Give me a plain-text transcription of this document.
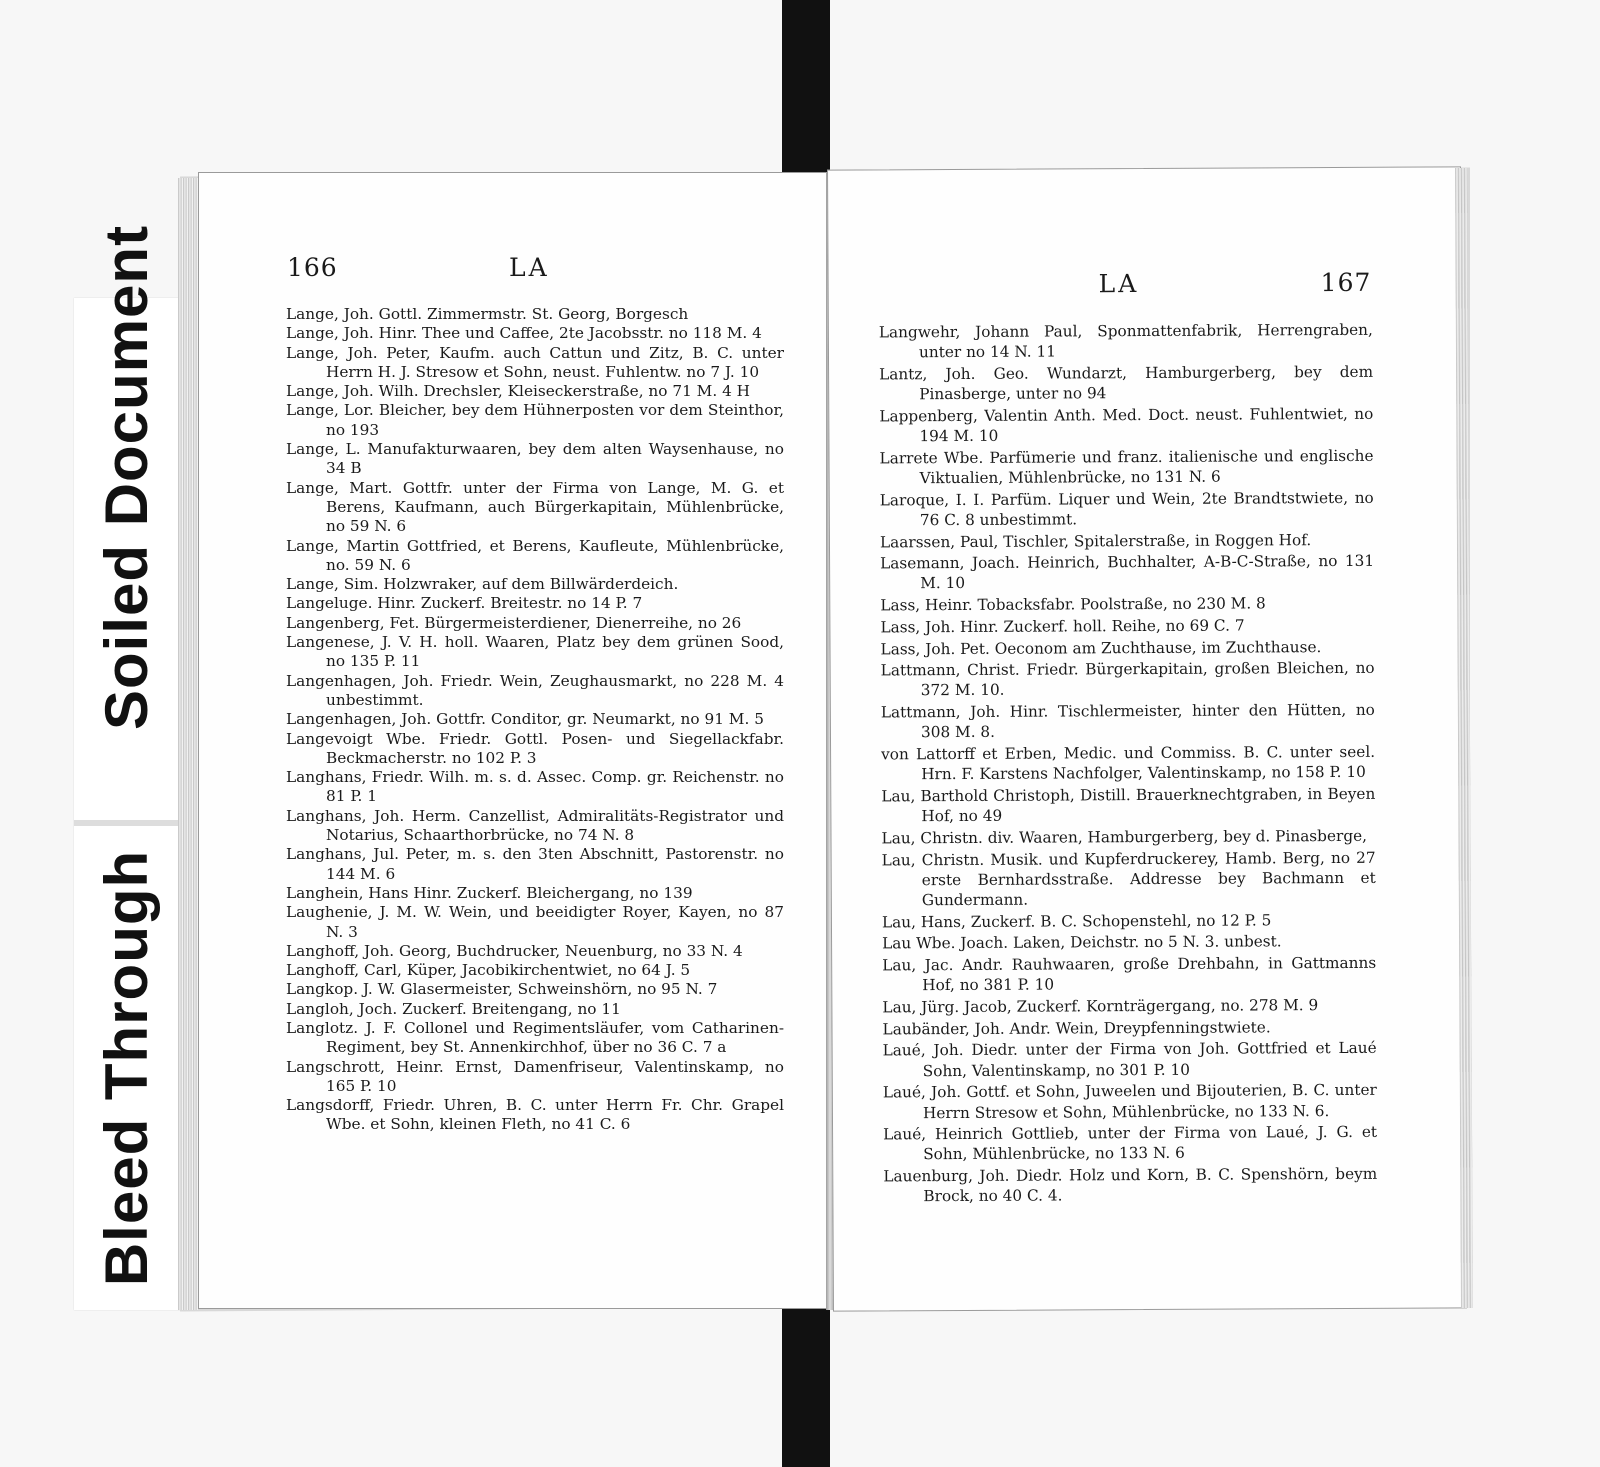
Soiled Document
Bleed Through
166	LA
Lange, Joh. Gottl. Zimmermstr. St. Georg, Borgesch
Lange, Joh. Hinr. Thee und Caffee, 2te Jacobsstr. no 118 M. 4
Lange, Joh. Peter, Kaufm. auch Cattun und Zitz, B. C. unter Herrn H. J. Stresow et Sohn, neust. Fuhlentw. no 7 J. 10
Lange, Joh. Wilh. Drechsler, Kleiseckerstraße, no 71 M. 4 H
Lange, Lor. Bleicher, bey dem Hühnerposten vor dem Steinthor, no 193
Lange, L. Manufakturwaaren, bey dem alten Waysenhause, no 34 B
Lange, Mart. Gottfr. unter der Firma von Lange, M. G. et Berens, Kaufmann, auch Bürgerkapitain, Mühlenbrücke, no 59 N. 6
Lange, Martin Gottfried, et Berens, Kaufleute, Mühlenbrücke, no. 59 N. 6
Lange, Sim. Holzwraker, auf dem Billwärderdeich.
Langeluge. Hinr. Zuckerf. Breitestr. no 14 P. 7
Langenberg, Fet. Bürgermeisterdiener, Dienerreihe, no 26
Langenese, J. V. H. holl. Waaren, Platz bey dem grünen Sood, no 135 P. 11
Langenhagen, Joh. Friedr. Wein, Zeughausmarkt, no 228 M. 4 unbestimmt.
Langenhagen, Joh. Gottfr. Conditor, gr. Neumarkt, no 91 M. 5
Langevoigt Wbe. Friedr. Gottl. Posen- und Siegellackfabr. Beckmacherstr. no 102 P. 3
Langhans, Friedr. Wilh. m. s. d. Assec. Comp. gr. Reichenstr. no 81 P. 1
Langhans, Joh. Herm. Canzellist, Admiralitäts-Registrator und Notarius, Schaarthorbrücke, no 74 N. 8
Langhans, Jul. Peter, m. s. den 3ten Abschnitt, Pastorenstr. no 144 M. 6
Langhein, Hans Hinr. Zuckerf. Bleichergang, no 139
Laughenie, J. M. W. Wein, und beeidigter Royer, Kayen, no 87 N. 3
Langhoff, Joh. Georg, Buchdrucker, Neuenburg, no 33 N. 4
Langhoff, Carl, Küper, Jacobikirchentwiet, no 64 J. 5
Langkop. J. W. Glasermeister, Schweinshörn, no 95 N. 7
Langloh, Joch. Zuckerf. Breitengang, no 11
Langlotz. J. F. Collonel und Regimentsläufer, vom Catharinen-Regiment, bey St. Annenkirchhof, über no 36 C. 7 a
Langschrott, Heinr. Ernst, Damenfriseur, Valentinskamp, no 165 P. 10
Langsdorff, Friedr. Uhren, B. C. unter Herrn Fr. Chr. Grapel Wbe. et Sohn, kleinen Fleth, no 41 C. 6
LA	167
Langwehr, Johann Paul, Sponmattenfabrik, Herrengraben, unter no 14 N. 11
Lantz, Joh. Geo. Wundarzt, Hamburgerberg, bey dem Pinasberge, unter no 94
Lappenberg, Valentin Anth. Med. Doct. neust. Fuhlentwiet, no 194 M. 10
Larrete Wbe. Parfümerie und franz. italienische und englische Viktualien, Mühlenbrücke, no 131 N. 6
Laroque, I. I. Parfüm. Liquer und Wein, 2te Brandtstwiete, no 76 C. 8 unbestimmt.
Laarssen, Paul, Tischler, Spitalerstraße, in Roggen Hof.
Lasemann, Joach. Heinrich, Buchhalter, A-B-C-Straße, no 131 M. 10
Lass, Heinr. Tobacksfabr. Poolstraße, no 230 M. 8
Lass, Joh. Hinr. Zuckerf. holl. Reihe, no 69 C. 7
Lass, Joh. Pet. Oeconom am Zuchthause, im Zuchthause.
Lattmann, Christ. Friedr. Bürgerkapitain, großen Bleichen, no 372 M. 10.
Lattmann, Joh. Hinr. Tischlermeister, hinter den Hütten, no 308 M. 8.
von Lattorff et Erben, Medic. und Commiss. B. C. unter seel. Hrn. F. Karstens Nachfolger, Valentinskamp, no 158 P. 10
Lau, Barthold Christoph, Distill. Brauerknechtgraben, in Beyen Hof, no 49
Lau, Christn. div. Waaren, Hamburgerberg, bey d. Pinasberge,
Lau, Christn. Musik. und Kupferdruckerey, Hamb. Berg, no 27 erste Bernhardsstraße. Addresse bey Bachmann et Gundermann.
Lau, Hans, Zuckerf. B. C. Schopenstehl, no 12 P. 5
Lau Wbe. Joach. Laken, Deichstr. no 5 N. 3. unbest.
Lau, Jac. Andr. Rauhwaaren, große Drehbahn, in Gattmanns Hof, no 381 P. 10
Lau, Jürg. Jacob, Zuckerf. Kornträgergang, no. 278 M. 9
Laubänder, Joh. Andr. Wein, Dreypfenningstwiete.
Laué, Joh. Diedr. unter der Firma von Joh. Gottfried et Laué Sohn, Valentinskamp, no 301 P. 10
Laué, Joh. Gottf. et Sohn, Juweelen und Bijouterien, B. C. unter Herrn Stresow et Sohn, Mühlenbrücke, no 133 N. 6.
Laué, Heinrich Gottlieb, unter der Firma von Laué, J. G. et Sohn, Mühlenbrücke, no 133 N. 6
Lauenburg, Joh. Diedr. Holz und Korn, B. C. Spenshörn, beym Brock, no 40 C. 4.
